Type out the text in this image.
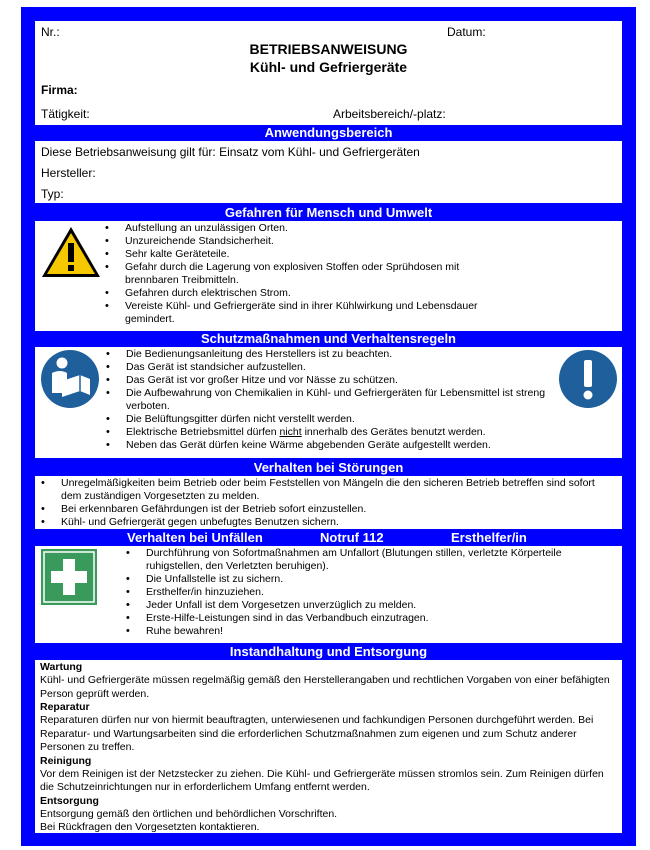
Nr.:	Datum:
BETRIEBSANWEISUNG
Kühl- und Gefriergeräte
Firma:
Tätigkeit:	Arbeitsbereich/-platz:
Anwendungsbereich
Diese Betriebsanweisung gilt für: Einsatz vom Kühl- und Gefriergeräten
Hersteller:
Typ:
Gefahren für Mensch und Umwelt
• Aufstellung an unzulässigen Orten.
• Unzureichende Standsicherheit.
• Sehr kalte Geräteteile.
• Gefahr durch die Lagerung von explosiven Stoffen oder Sprühdosen mit brennbaren Treibmitteln.
• Gefahren durch elektrischen Strom.
• Vereiste Kühl- und Gefriergeräte sind in ihrer Kühlwirkung und Lebensdauer gemindert.
Schutzmaßnahmen und Verhaltensregeln
• Die Bedienungsanleitung des Herstellers ist zu beachten.
• Das Gerät ist standsicher aufzustellen.
• Das Gerät ist vor großer Hitze und vor Nässe zu schützen.
• Die Aufbewahrung von Chemikalien in Kühl- und Gefriergeräten für Lebensmittel ist streng verboten.
• Die Belüftungsgitter dürfen nicht verstellt werden.
• Elektrische Betriebsmittel dürfen nicht innerhalb des Gerätes benutzt werden.
• Neben das Gerät dürfen keine Wärme abgebenden Geräte aufgestellt werden.
Verhalten bei Störungen
• Unregelmäßigkeiten beim Betrieb oder beim Feststellen von Mängeln die den sicheren Betrieb betreffen sind sofort dem zuständigen Vorgesetzten zu melden.
• Bei erkennbaren Gefährdungen ist der Betrieb sofort einzustellen.
• Kühl- und Gefriergerät gegen unbefugtes Benutzen sichern.
Verhalten bei Unfällen	Notruf 112	Ersthelfer/in
• Durchführung von Sofortmaßnahmen am Unfallort (Blutungen stillen, verletzte Körperteile ruhigstellen, den Verletzten beruhigen).
• Die Unfallstelle ist zu sichern.
• Ersthelfer/in hinzuziehen.
• Jeder Unfall ist dem Vorgesetzen unverzüglich zu melden.
• Erste-Hilfe-Leistungen sind in das Verbandbuch einzutragen.
• Ruhe bewahren!
Instandhaltung und Entsorgung

Wartung

Kühl- und Gefriergeräte müssen regelmäßig gemäß den Herstellerangaben und rechtlichen Vorgaben von einer befähigten Person geprüft werden.

Reparatur

Reparaturen dürfen nur von hiermit beauftragten, unterwiesenen und fachkundigen Personen durchgeführt werden. Bei Reparatur- und Wartungsarbeiten sind die erforderlichen Schutzmaßnahmen zum eigenen und zum Schutz anderer Personen zu treffen.

Reinigung

Vor dem Reinigen ist der Netzstecker zu ziehen. Die Kühl- und Gefriergeräte müssen stromlos sein. Zum Reinigen dürfen die Schutzeinrichtungen nur in erforderlichem Umfang entfernt werden.

Entsorgung

Entsorgung gemäß den örtlichen und behördlichen Vorschriften.

Bei Rückfragen den Vorgesetzten kontaktieren.
